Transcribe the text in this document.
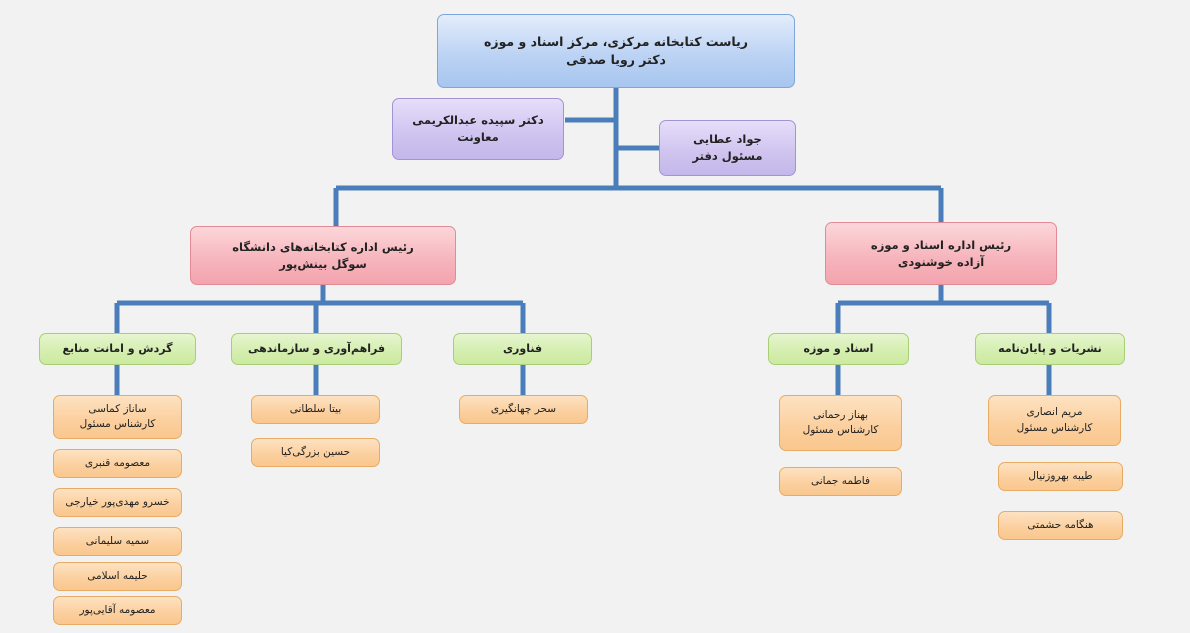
ریاست کتابخانه مرکزی، مرکز اسناد و موزه
دکتر رویا صدقی
دکتر سپیده عبدالکریمی
معاونت	جواد عطایی
مسئول دفتر
رئیس اداره کتابخانه‌های دانشگاه
سوگل بینش‌پور
رئیس اداره اسناد و موزه
آزاده خوشنودی
گردش و امانت منابع	فراهم‌آوری و سازماندهی	فناوری	اسناد و موزه	نشریات و پایان‌نامه
ساناز کماسی
کارشناس مسئول
معصومه قنبری
خسرو مهدی‌پور خیارجی
سمیه سلیمانی
حلیمه اسلامی
معصومه آقایی‌پور
بیتا سلطانی
حسین بزرگی‌کیا
سحر چهانگیری	بهناز رحمانی
کارشناس مسئول
فاطمه جمانی
مریم انصاری
کارشناس مسئول
طیبه بهروزنیال
هنگامه حشمتی
